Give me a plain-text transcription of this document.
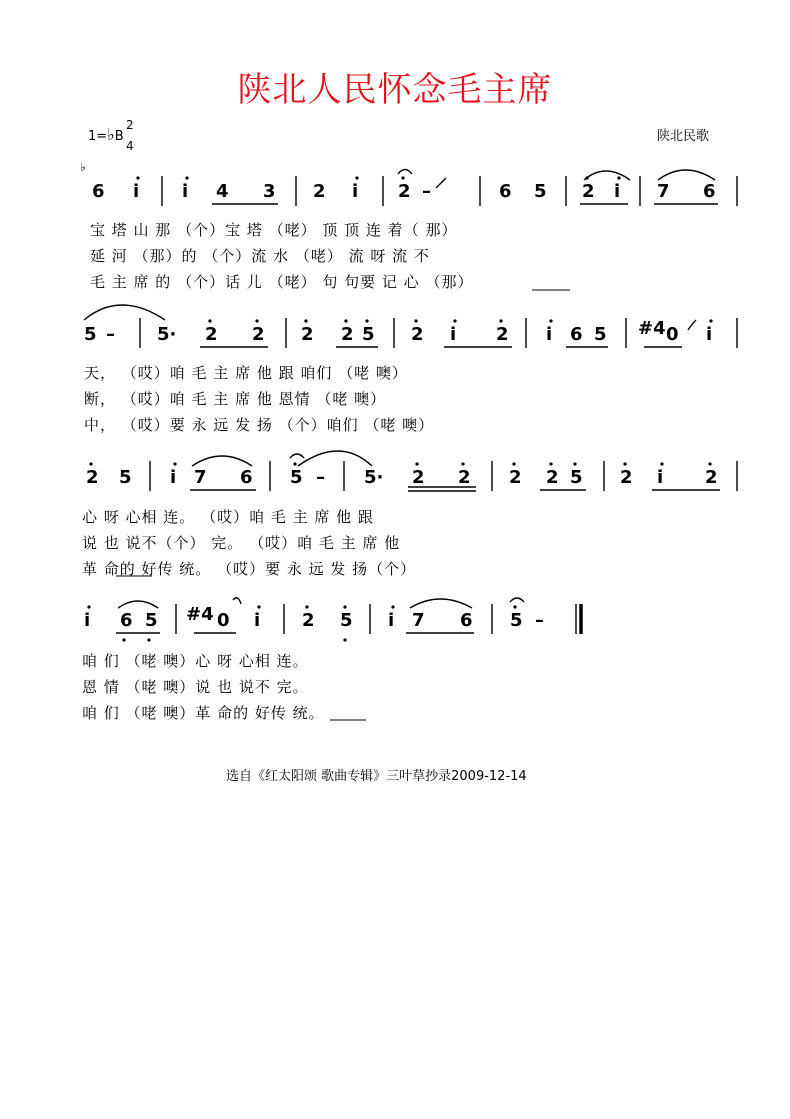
陕北人民怀念毛主席
1=♭B
2
4
陕北民歌
♭
6 i i 4 3 2 i 2 –	6 5 2 i 7 6
宝 塔 山 那 （个）宝 塔 （咾） 顶 顶 连 着（ 那）
延 河 （那）的 （个）流 水 （咾） 流 呀 流 不
毛 主 席 的 （个）话 儿 （咾） 句 句要 记 心 （那）
5 – 5· 2 2 2 2 5 2 i 2 i 6 5 #4 0 i
天， （哎）咱 毛 主 席 他 跟 咱们 （咾 噢）
断， （哎）咱 毛 主 席 他 恩情 （咾 噢）
中， （哎）要 永 远 发 扬 （个）咱们 （咾 噢）
2 5 i 7 6 5 – 5· 2 2 2 2 5 2 i 2
心 呀 心相 连。 （哎）咱 毛 主 席 他 跟
说 也 说不（个） 完。 （哎）咱 毛 主 席 他
革 命的 好传 统。 （哎）要 永 远 发 扬（个）
i 6 5 #4 0 i 2 5 i 7 6 5 –
咱 们 （咾 噢）心 呀 心相 连。
恩 情 （咾 噢）说 也 说不 完。
咱 们 （咾 噢）革 命的 好传 统。
选自《红太阳颂 歌曲专辑》三叶草抄录2009-12-14
